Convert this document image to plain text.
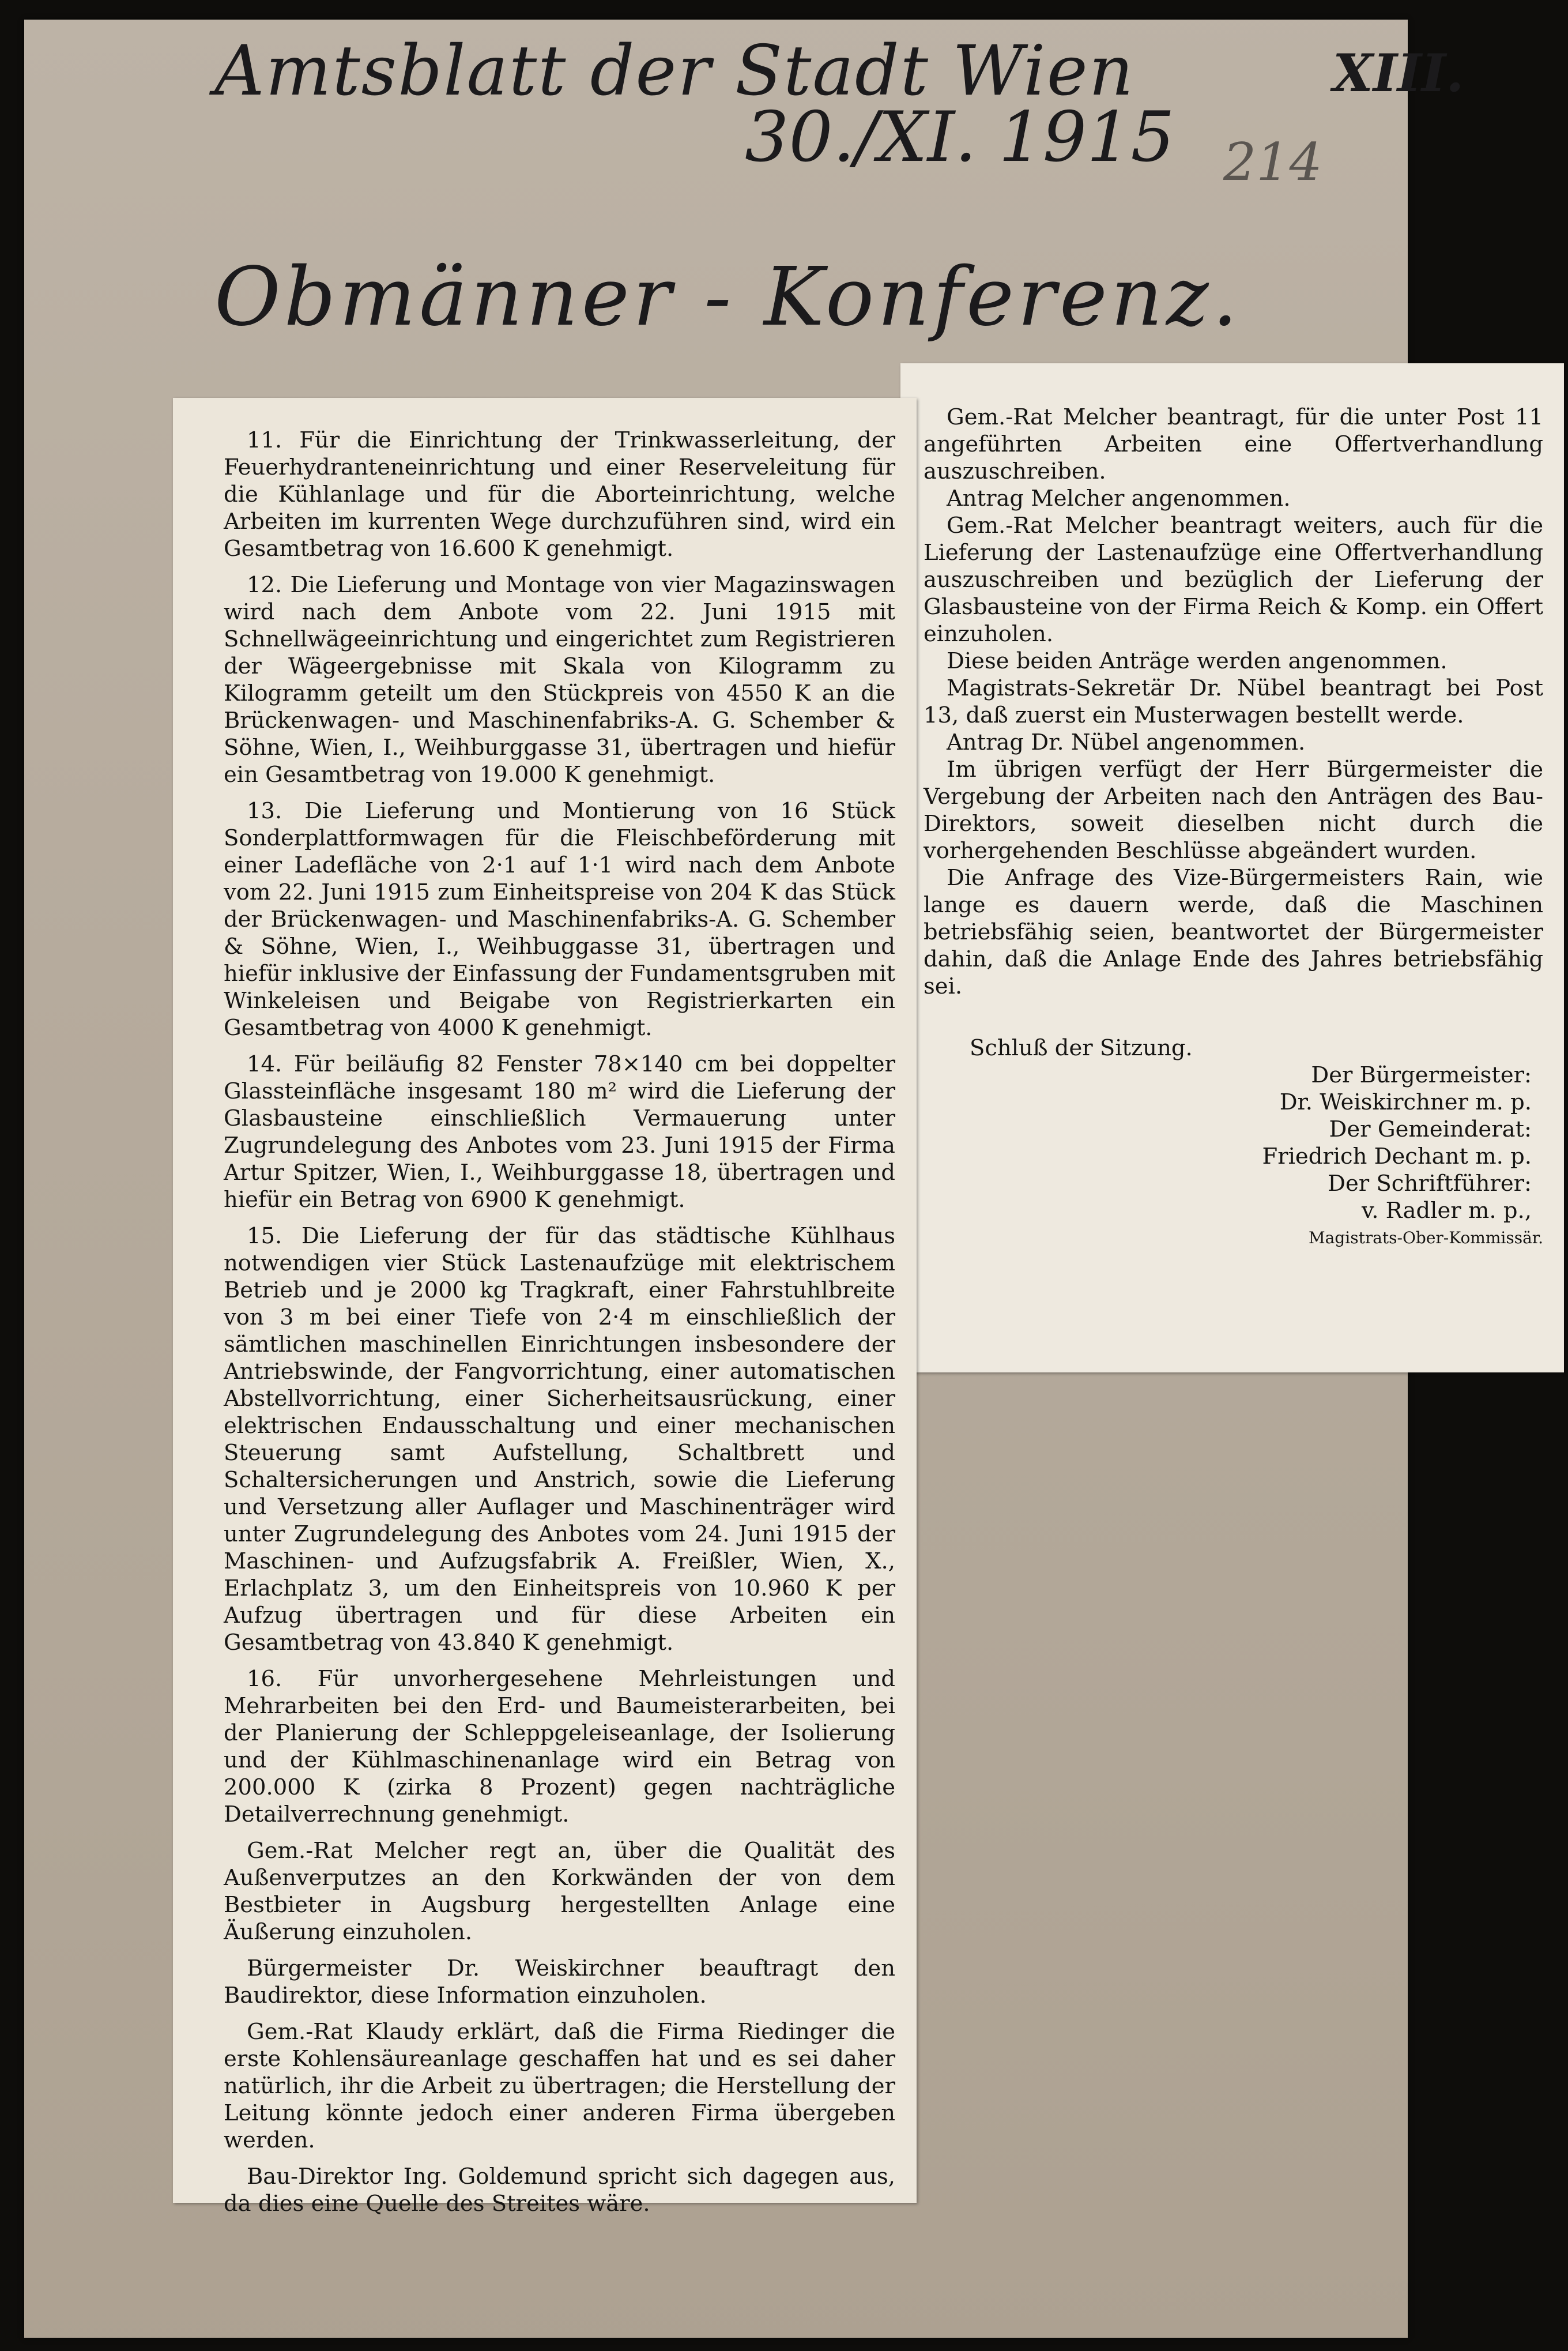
Amtsblatt der Stadt Wien	XIII.
30./XI. 1915 214
Obmänner - Konferenz.

Gem.-Rat Melcher beantragt, für die unter Post 11 angeführten Arbeiten eine Offertverhandlung auszuschreiben.

Antrag Melcher angenommen.

Gem.-Rat Melcher beantragt weiters, auch für die Lieferung der Lastenaufzüge eine Offertverhandlung auszuschreiben und bezüglich der Lieferung der Glasbausteine von der Firma Reich & Komp. ein Offert einzuholen.

Diese beiden Anträge werden angenommen.

Magistrats-Sekretär Dr. Nübel beantragt bei Post 13, daß zuerst ein Musterwagen bestellt werde.

Antrag Dr. Nübel angenommen.

Im übrigen verfügt der Herr Bürgermeister die Vergebung der Arbeiten nach den Anträgen des Bau-Direktors, soweit dieselben nicht durch die vorhergehenden Beschlüsse abgeändert wurden.

Die Anfrage des Vize-Bürgermeisters Rain, wie lange es dauern werde, daß die Maschinen betriebsfähig seien, beantwortet der Bürgermeister dahin, daß die Anlage Ende des Jahres betriebsfähig sei.

Schluß der Sitzung.

Der Bürgermeister:

Dr. Weiskirchner m. p.

Der Gemeinderat:

Friedrich Dechant m. p.

Der Schriftführer:

v. Radler m. p.,

Magistrats-Ober-Kommissär.

11. Für die Einrichtung der Trinkwasserleitung, der Feuerhydranteneinrichtung und einer Reserveleitung für die Kühlanlage und für die Aborteinrichtung, welche Arbeiten im kurrenten Wege durchzuführen sind, wird ein Gesamtbetrag von 16.600 K genehmigt.

12. Die Lieferung und Montage von vier Magazinswagen wird nach dem Anbote vom 22. Juni 1915 mit Schnellwägeeinrichtung und eingerichtet zum Registrieren der Wägeergebnisse mit Skala von Kilogramm zu Kilogramm geteilt um den Stückpreis von 4550 K an die Brückenwagen- und Maschinenfabriks-A. G. Schember & Söhne, Wien, I., Weihburggasse 31, übertragen und hiefür ein Gesamtbetrag von 19.000 K genehmigt.

13. Die Lieferung und Montierung von 16 Stück Sonderplattformwagen für die Fleischbeförderung mit einer Ladefläche von 2·1 auf 1·1 wird nach dem Anbote vom 22. Juni 1915 zum Einheitspreise von 204 K das Stück der Brückenwagen- und Maschinenfabriks-A. G. Schember & Söhne, Wien, I., Weihbuggasse 31, übertragen und hiefür inklusive der Einfassung der Fundamentsgruben mit Winkeleisen und Beigabe von Registrierkarten ein Gesamtbetrag von 4000 K genehmigt.

14. Für beiläufig 82 Fenster 78×140 cm bei doppelter Glassteinfläche insgesamt 180 m² wird die Lieferung der Glasbausteine einschließlich Vermauerung unter Zugrundelegung des Anbotes vom 23. Juni 1915 der Firma Artur Spitzer, Wien, I., Weihburggasse 18, übertragen und hiefür ein Betrag von 6900 K genehmigt.

15. Die Lieferung der für das städtische Kühlhaus notwendigen vier Stück Lastenaufzüge mit elektrischem Betrieb und je 2000 kg Tragkraft, einer Fahrstuhlbreite von 3 m bei einer Tiefe von 2·4 m einschließlich der sämtlichen maschinellen Einrichtungen insbesondere der Antriebswinde, der Fangvorrichtung, einer automatischen Abstellvorrichtung, einer Sicherheitsausrückung, einer elektrischen Endausschaltung und einer mechanischen Steuerung samt Aufstellung, Schaltbrett und Schaltersicherungen und Anstrich, sowie die Lieferung und Versetzung aller Auflager und Maschinenträger wird unter Zugrundelegung des Anbotes vom 24. Juni 1915 der Maschinen- und Aufzugsfabrik A. Freißler, Wien, X., Erlachplatz 3, um den Einheitspreis von 10.960 K per Aufzug übertragen und für diese Arbeiten ein Gesamtbetrag von 43.840 K genehmigt.

16. Für unvorhergesehene Mehrleistungen und Mehrarbeiten bei den Erd- und Baumeisterarbeiten, bei der Planierung der Schleppgeleiseanlage, der Isolierung und der Kühlmaschinenanlage wird ein Betrag von 200.000 K (zirka 8 Prozent) gegen nachträgliche Detailverrechnung genehmigt.

Gem.-Rat Melcher regt an, über die Qualität des Außenverputzes an den Korkwänden der von dem Bestbieter in Augsburg hergestellten Anlage eine Äußerung einzuholen.

Bürgermeister Dr. Weiskirchner beauftragt den Baudirektor, diese Information einzuholen.

Gem.-Rat Klaudy erklärt, daß die Firma Riedinger die erste Kohlensäureanlage geschaffen hat und es sei daher natürlich, ihr die Arbeit zu übertragen; die Herstellung der Leitung könnte jedoch einer anderen Firma übergeben werden.

Bau-Direktor Ing. Goldemund spricht sich dagegen aus, da dies eine Quelle des Streites wäre.
